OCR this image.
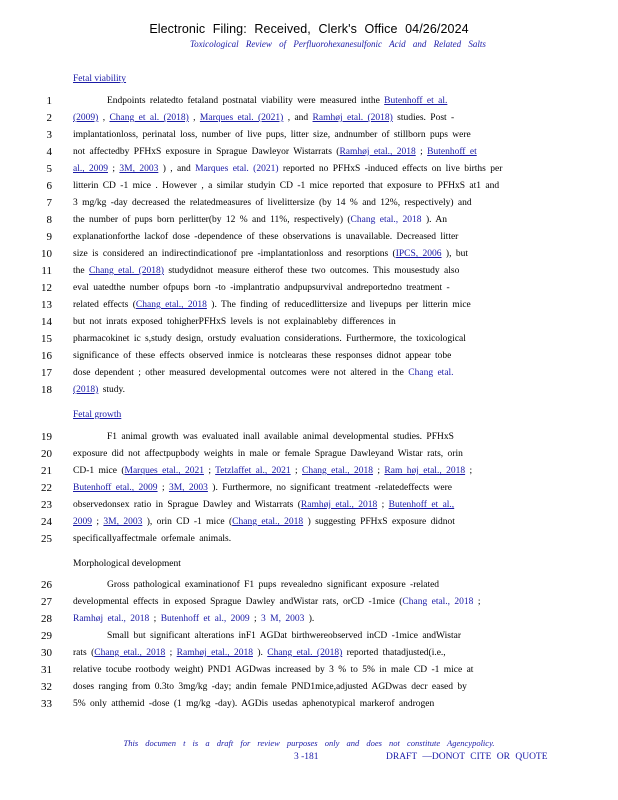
Electronic Filing: Received, Clerk's Office 04/26/2024
Toxicological Review of Perfluorohexanesulfonic Acid and Related Salts
Fetal viability
1	Endpoints relatedto fetaland postnatal viability were measured inthe Butenhoff et al.
2 (2009) , Chang et al. (2018) , Marques etal. (2021) , and Ramhøj etal. (2018) studies. Post -
3 implantationloss, perinatal loss, number of live pups, litter size, andnumber of stillborn pups were
4 not affectedby PFHxS exposure in Sprague Dawleyor Wistarrats (Ramhøj etal., 2018 ; Butenhoff et
5 al., 2009 ; 3M, 2003 ) , and Marques etal. (2021) reported no PFHxS -induced effects on live births per
6 litterin CD -1 mice . However , a similar studyin CD -1 mice reported that exposure to PFHxS at1 and
7 3 mg/kg -day decreased the relatedmeasures of livelittersize (by 14 % and 12%, respectively) and
8 the number of pups born perlitter(by 12 % and 11%, respectively) (Chang etal., 2018 ). An
9 explanationforthe lackof dose -dependence of these observations is unavailable. Decreased litter
10 size is considered an indirectindicationof pre -implantationloss and resorptions (IPCS, 2006 ), but
11 the Chang etal. (2018) studydidnot measure eitherof these two outcomes. This mousestudy also
12 eval uatedthe number ofpups born -to -implantratio andpupsurvival andreportedno treatment -
13 related effects (Chang etal., 2018 ). The finding of reducedlittersize and livepups per litterin mice
14 but not inrats exposed tohigherPFHxS levels is not explainableby differences in
15 pharmacokinet ic s,study design, orstudy evaluation considerations. Furthermore, the toxicological
16 significance of these effects observed inmice is notclearas these responses didnot appear tobe
17 dose dependent ; other measured developmental outcomes were not altered in the Chang etal.
18 (2018) study.
Fetal growth
19	F1 animal growth was evaluated inall available animal developmental studies. PFHxS
20 exposure did not affectpupbody weights in male or female Sprague Dawleyand Wistar rats, orin
21 CD-1 mice (Marques etal., 2021 ; Tetzlaffet al., 2021 ; Chang etal., 2018 ; Ram høj etal., 2018 ;
22 Butenhoff etal., 2009 ; 3M, 2003 ). Furthermore, no significant treatment -relatedeffects were
23 observedonsex ratio in Sprague Dawley and Wistarrats (Ramhøj etal., 2018 ; Butenhoff et al.,
24 2009 ; 3M, 2003 ), orin CD -1 mice (Chang etal., 2018 ) suggesting PFHxS exposure didnot
25 specificallyaffectmale orfemale animals.
Morphological development
26	Gross pathological examinationof F1 pups revealedno significant exposure -related
27 developmental effects in exposed Sprague Dawley andWistar rats, orCD -1mice (Chang etal., 2018 ;
28 Ramhøj etal., 2018 ; Butenhoff et al., 2009 ; 3 M, 2003 ).
29	Small but significant alterations inF1 AGDat birthwereobserved inCD -1mice andWistar
30 rats (Chang etal., 2018 ; Ramhøj etal., 2018 ). Chang etal. (2018) reported thatadjusted(i.e.,
31 relative tocube rootbody weight) PND1 AGDwas increased by 3 % to 5% in male CD -1 mice at
32 doses ranging from 0.3to 3mg/kg -day; andin female PND1mice,adjusted AGDwas decr eased by
33 5% only atthemid -dose (1 mg/kg -day). AGDis usedas aphenotypical markerof androgen
This documen t is a draft for review purposes only and does not constitute Agencypolicy.
3 -181	DRAFT —DONOT CITE OR QUOTE
